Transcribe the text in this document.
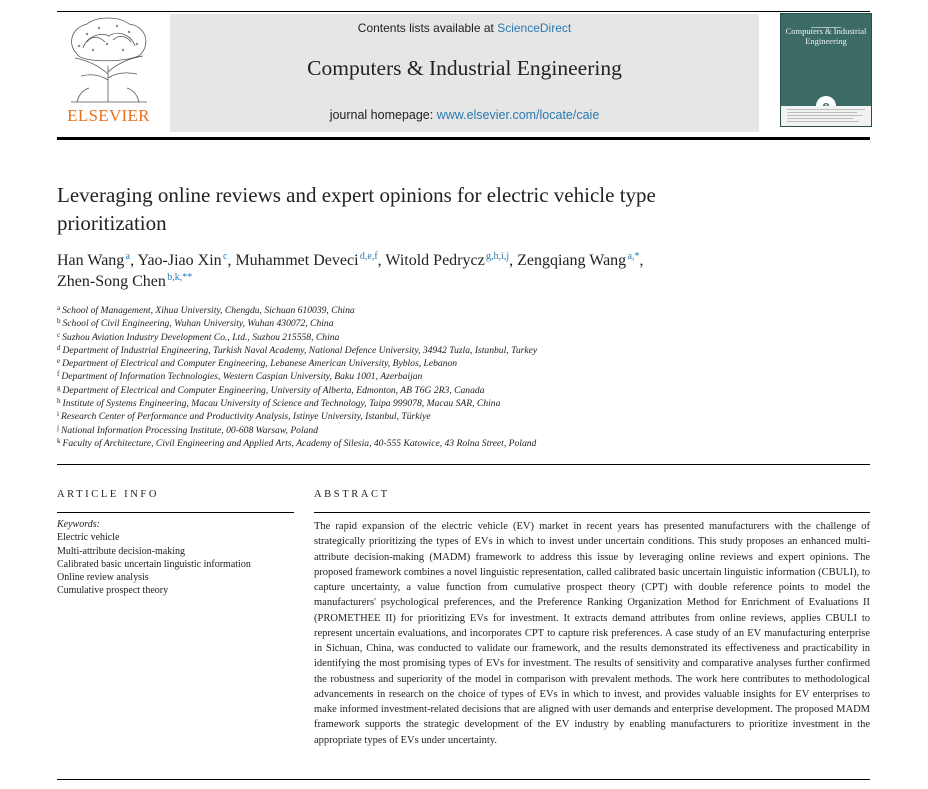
ELSEVIER
Contents lists available at ScienceDirect
Computers & Industrial Engineering
journal homepage: www.elsevier.com/locate/caie
Computers & Industrial Engineering
Leveraging online reviews and expert opinions for electric vehicle type prioritization
Han Wang $^a$, Yao-Jiao Xin $^c$, Muhammet Deveci $^{d,e,f}$, Witold Pedrycz $^{g,h,i,j}$, Zengqiang Wang $^{a,*}$,
Zhen-Song Chen $^{b,k,**}$
$^a$ School of Management, Xihua University, Chengdu, Sichuan 610039, China
$^b$ School of Civil Engineering, Wuhan University, Wuhan 430072, China
$^c$ Suzhou Aviation Industry Development Co., Ltd., Suzhou 215558, China
$^d$ Department of Industrial Engineering, Turkish Naval Academy, National Defence University, 34942 Tuzla, Istanbul, Turkey
$^e$ Department of Electrical and Computer Engineering, Lebanese American University, Byblos, Lebanon
$^f$ Department of Information Technologies, Western Caspian University, Baku 1001, Azerbaijan
$^g$ Department of Electrical and Computer Engineering, University of Alberta, Edmonton, AB T6G 2R3, Canada
$^h$ Institute of Systems Engineering, Macau University of Science and Technology, Taipa 999078, Macau SAR, China
$^i$ Research Center of Performance and Productivity Analysis, Istinye University, Istanbul, Türkiye
$^j$ National Information Processing Institute, 00-608 Warsaw, Poland
$^k$ Faculty of Architecture, Civil Engineering and Applied Arts, Academy of Silesia, 40-555 Katowice, 43 Rolna Street, Poland
ARTICLE INFO
Keywords:
Electric vehicle
Multi-attribute decision-making
Calibrated basic uncertain linguistic information
Online review analysis
Cumulative prospect theory
ABSTRACT
The rapid expansion of the electric vehicle (EV) market in recent years has presented manufacturers with the challenge of strategically prioritizing the types of EVs in which to invest under uncertain conditions. This study proposes an enhanced multi-attribute decision-making (MADM) framework to address this issue by leveraging online reviews and expert opinions. The proposed framework combines a novel linguistic representation, called calibrated basic uncertain linguistic information (CBULI), to capture uncertainty, a value function from cumulative prospect theory (CPT) with double reference points to model the manufacturers' psychological preferences, and the Preference Ranking Organization Method for Enrichment of Evaluations II (PROMETHEE II) for prioritizing EVs for investment. It extracts demand attributes from online reviews, applies CBULI to represent uncertain evaluations, and incorporates CPT to capture risk preferences. A case study of an EV manufacturing enterprise in Sichuan, China, was conducted to validate our framework, and the results demonstrated its effectiveness and practicability in identifying the most promising types of EVs for investment. The results of sensitivity and comparative analyses further confirmed the robustness and superiority of the model in comparison with prevalent methods. The work here contributes to methodological advancements in research on the choice of types of EVs in which to invest, and provides valuable insights for EV enterprises to make informed investment-related decisions that are aligned with user demands and enterprise development. The proposed MADM framework supports the strategic development of the EV industry by enabling manufacturers to prioritize investment in the appropriate types of EVs under uncertainty.
